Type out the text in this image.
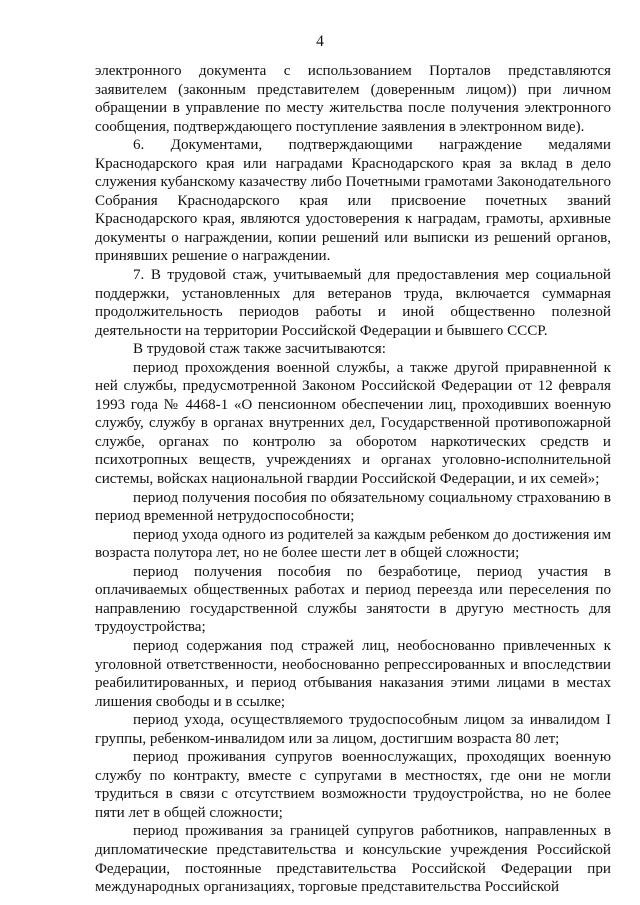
4

электронного документа с использованием Порталов представляются заявителем (законным представителем (доверенным лицом)) при личном обращении в управление по месту жительства после получения электронного сообщения, подтверждающего поступление заявления в электронном виде).

6. Документами, подтверждающими награждение медалями Краснодарского края или наградами Краснодарского края за вклад в дело служения кубанскому казачеству либо Почетными грамотами Законодательного Собрания Краснодарского края или присвоение почетных званий Краснодарского края, являются удостоверения к наградам, грамоты, архивные документы о награждении, копии решений или выписки из решений органов, принявших решение о награждении.

7. В трудовой стаж, учитываемый для предоставления мер социальной поддержки, установленных для ветеранов труда, включается суммарная продолжительность периодов работы и иной общественно полезной деятельности на территории Российской Федерации и бывшего СССР.

В трудовой стаж также засчитываются:

период прохождения военной службы, а также другой приравненной к ней службы, предусмотренной Законом Российской Федерации от 12 февраля 1993 года № 4468-1 «О пенсионном обеспечении лиц, проходивших военную службу, службу в органах внутренних дел, Государственной противопожарной службе, органах по контролю за оборотом наркотических средств и психотропных веществ, учреждениях и органах уголовно-исполнительной системы, войсках национальной гвардии Российской Федерации, и их семей»;

период получения пособия по обязательному социальному страхованию в период временной нетрудоспособности;

период ухода одного из родителей за каждым ребенком до достижения им возраста полутора лет, но не более шести лет в общей сложности;

период получения пособия по безработице, период участия в оплачиваемых общественных работах и период переезда или переселения по направлению государственной службы занятости в другую местность для трудоустройства;

период содержания под стражей лиц, необоснованно привлеченных к уголовной ответственности, необоснованно репрессированных и впоследствии реабилитированных, и период отбывания наказания этими лицами в местах лишения свободы и в ссылке;

период ухода, осуществляемого трудоспособным лицом за инвалидом I группы, ребенком-инвалидом или за лицом, достигшим возраста 80 лет;

период проживания супругов военнослужащих, проходящих военную службу по контракту, вместе с супругами в местностях, где они не могли трудиться в связи с отсутствием возможности трудоустройства, но не более пяти лет в общей сложности;

период проживания за границей супругов работников, направленных в дипломатические представительства и консульские учреждения Российской Федерации, постоянные представительства Российской Федерации при международных организациях, торговые представительства Российской
